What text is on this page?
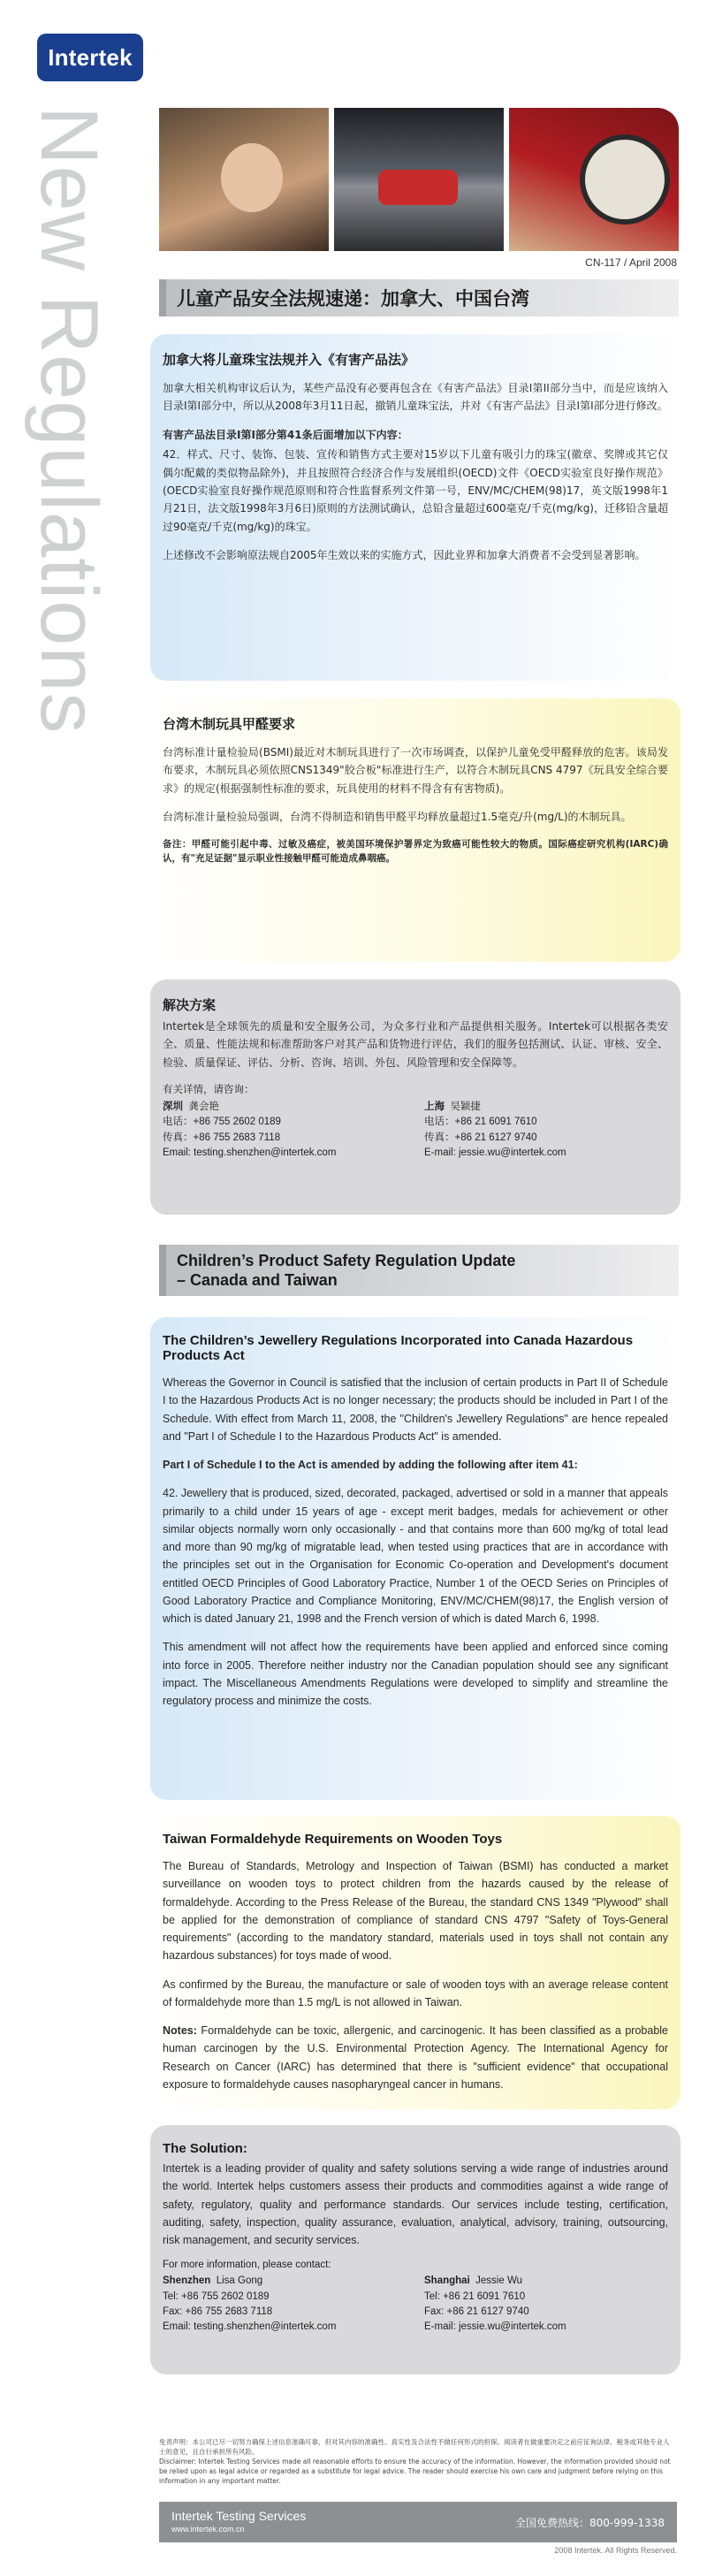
Intertek
New Regulations	CN-117 / April 2008
儿童产品安全法规速递：加拿大、中国台湾
加拿大将儿童珠宝法规并入《有害产品法》

加拿大相关机构审议后认为，某些产品没有必要再包含在《有害产品法》目录I第II部分当中，而是应该纳入目录I第I部分中，所以从2008年3月11日起，撤销儿童珠宝法，并对《有害产品法》目录I第I部分进行修改。

有害产品法目录I第I部分第41条后面增加以下内容：

42．样式、尺寸、装饰、包装、宣传和销售方式主要对15岁以下儿童有吸引力的珠宝(徽章、奖牌或其它仅偶尔配戴的类似物品除外)，并且按照符合经济合作与发展组织(OECD)文件《OECD实验室良好操作规范》(OECD实验室良好操作规范原则和符合性监督系列文件第一号，ENV/MC/CHEM(98)17，英文版1998年1月21日，法文版1998年3月6日)原则的方法测试确认，总铅含量超过600毫克/千克(mg/kg)，迁移铅含量超过90毫克/千克(mg/kg)的珠宝。

上述修改不会影响原法规自2005年生效以来的实施方式，因此业界和加拿大消费者不会受到显著影响。

台湾木制玩具甲醛要求

台湾标准计量检验局(BSMI)最近对木制玩具进行了一次市场调查，以保护儿童免受甲醛释放的危害。该局发布要求，木制玩具必须依照CNS1349"胶合板"标准进行生产，以符合木制玩具CNS 4797《玩具安全综合要求》的规定(根据强制性标准的要求，玩具使用的材料不得含有有害物质)。

台湾标准计量检验局强调，台湾不得制造和销售甲醛平均释放量超过1.5毫克/升(mg/L)的木制玩具。

备注：甲醛可能引起中毒、过敏及癌症，被美国环境保护署界定为致癌可能性较大的物质。国际癌症研究机构(IARC)确认，有"充足证据"显示职业性接触甲醛可能造成鼻咽癌。

解决方案

Intertek是全球领先的质量和安全服务公司，为众多行业和产品提供相关服务。Intertek可以根据各类安全、质量、性能法规和标准帮助客户对其产品和货物进行评估，我们的服务包括测试、认证、审核、安全、检验、质量保证、评估、分析、咨询、培训、外包、风险管理和安全保障等。

有关详情，请咨询：
深圳 龚会艳
电话：+86 755 2602 0189
传真：+86 755 2683 7118
Email: testing.shenzhen@intertek.com
上海 吴颖捷
电话：+86 21 6091 7610
传真：+86 21 6127 9740
E-mail: jessie.wu@intertek.com
Children’s Product Safety Regulation Update
– Canada and Taiwan
The Children’s Jewellery Regulations Incorporated into Canada Hazardous Products Act

Whereas the Governor in Council is satisfied that the inclusion of certain products in Part II of Schedule I to the Hazardous Products Act is no longer necessary; the products should be included in Part I of the Schedule. With effect from March 11, 2008, the "Children's Jewellery Regulations" are hence repealed and "Part I of Schedule I to the Hazardous Products Act" is amended.

Part I of Schedule I to the Act is amended by adding the following after item 41:

42. Jewellery that is produced, sized, decorated, packaged, advertised or sold in a manner that appeals primarily to a child under 15 years of age - except merit badges, medals for achievement or other similar objects normally worn only occasionally - and that contains more than 600 mg/kg of total lead and more than 90 mg/kg of migratable lead, when tested using practices that are in accordance with the principles set out in the Organisation for Economic Co-operation and Development's document entitled OECD Principles of Good Laboratory Practice, Number 1 of the OECD Series on Principles of Good Laboratory Practice and Compliance Monitoring, ENV/MC/CHEM(98)17, the English version of which is dated January 21, 1998 and the French version of which is dated March 6, 1998.

This amendment will not affect how the requirements have been applied and enforced since coming into force in 2005. Therefore neither industry nor the Canadian population should see any significant impact. The Miscellaneous Amendments Regulations were developed to simplify and streamline the regulatory process and minimize the costs.

Taiwan Formaldehyde Requirements on Wooden Toys

The Bureau of Standards, Metrology and Inspection of Taiwan (BSMI) has conducted a market surveillance on wooden toys to protect children from the hazards caused by the release of formaldehyde. According to the Press Release of the Bureau, the standard CNS 1349 "Plywood" shall be applied for the demonstration of compliance of standard CNS 4797 "Safety of Toys-General requirements" (according to the mandatory standard, materials used in toys shall not contain any hazardous substances) for toys made of wood.

As confirmed by the Bureau, the manufacture or sale of wooden toys with an average release content of formaldehyde more than 1.5 mg/L is not allowed in Taiwan.

Notes: Formaldehyde can be toxic, allergenic, and carcinogenic. It has been classified as a probable human carcinogen by the U.S. Environmental Protection Agency. The International Agency for Research on Cancer (IARC) has determined that there is "sufficient evidence" that occupational exposure to formaldehyde causes nasopharyngeal cancer in humans.

The Solution:

Intertek is a leading provider of quality and safety solutions serving a wide range of industries around the world. Intertek helps customers assess their products and commodities against a wide range of safety, regulatory, quality and performance standards. Our services include testing, certification, auditing, safety, inspection, quality assurance, evaluation, analytical, advisory, training, outsourcing, risk management, and security services.

For more information, please contact:
Shenzhen Lisa Gong
Tel: +86 755 2602 0189
Fax: +86 755 2683 7118
Email: testing.shenzhen@intertek.com
Shanghai Jessie Wu
Tel: +86 21 6091 7610
Fax: +86 21 6127 9740
E-mail: jessie.wu@intertek.com
免责声明：本公司已尽一切努力确保上述信息准确可靠，但对其内容的准确性、真实性及合法性不做任何形式的担保。阅读者在做重要决定之前应征询法律、税务或其他专业人士的意见，且自行承担所有风险。
Disclaimer: Intertek Testing Services made all reasonable efforts to ensure the accuracy of the information. However, the information provided should not be relied upon as legal advice or regarded as a substitute for legal advice. The reader should exercise his own care and judgment before relying on this information in any important matter.
Intertek Testing Services
www.intertek.com.cn
全国免费热线：800-999-1338
2008 Intertek. All Rights Reserved.
